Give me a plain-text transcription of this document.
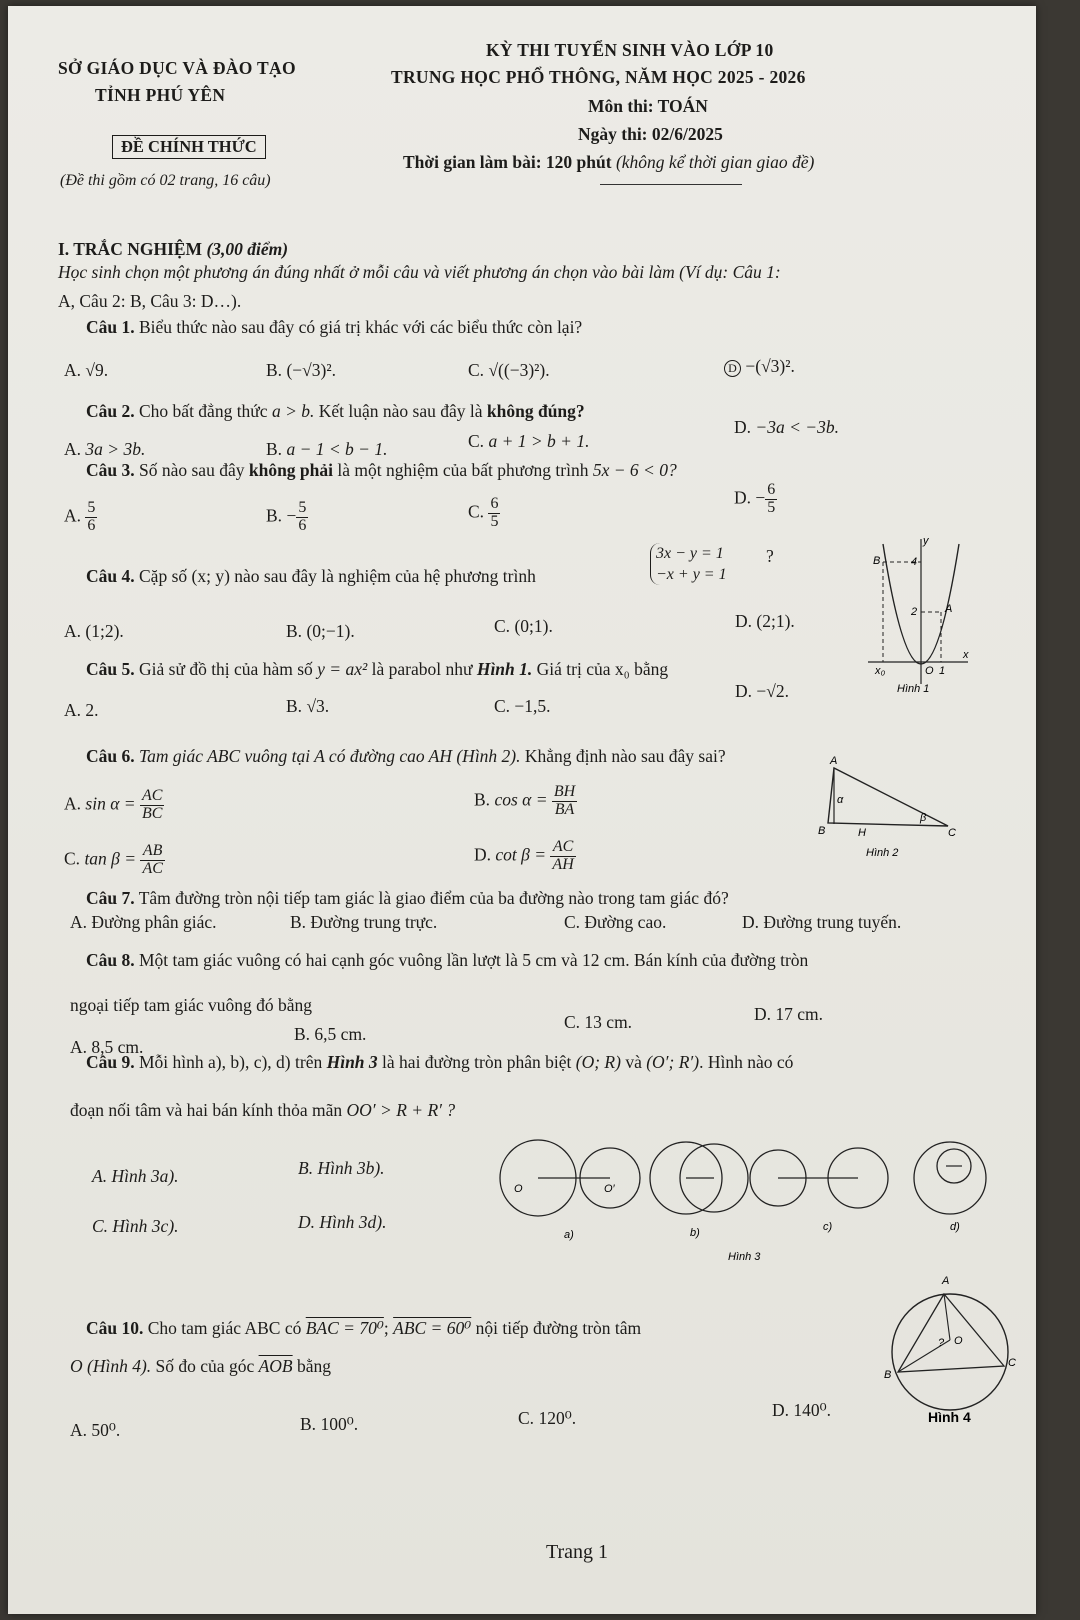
SỞ GIÁO DỤC VÀ ĐÀO TẠO
TỈNH PHÚ YÊN
ĐỀ CHÍNH THỨC
(Đề thi gồm có 02 trang, 16 câu)
KỲ THI TUYỂN SINH VÀO LỚP 10
TRUNG HỌC PHỔ THÔNG, NĂM HỌC 2025 - 2026
Môn thi: TOÁN
Ngày thi: 02/6/2025
Thời gian làm bài: 120 phút (không kể thời gian giao đề)
I. TRẮC NGHIỆM (3,00 điểm)
Học sinh chọn một phương án đúng nhất ở mỗi câu và viết phương án chọn vào bài làm (Ví dụ: Câu 1:
A, Câu 2: B, Câu 3: D…).
Câu 1. Biểu thức nào sau đây có giá trị khác với các biểu thức còn lại?
A. √9.	B. (−√3)².	C. √((−3)²).	D −(√3)².
Câu 2. Cho bất đẳng thức a > b. Kết luận nào sau đây là không đúng?
A. 3a > 3b.	B. a − 1 < b − 1.	C. a + 1 > b + 1.
D. −3a < −3b.
Câu 3. Số nào sau đây không phải là một nghiệm của bất phương trình 5x − 6 < 0?
A. $\frac{5}{6}$	B. − $\frac{5}{6}$	C. $\frac{6}{5}$	D. − $\frac{6}{5}$
Câu 4. Cặp số (x; y) nào sau đây là nghiệm của hệ phương trình
3x − y = 1
−x + y = 1
?
A. (1;2).	B. (0;−1).	C. (0;1).	D. (2;1).
Câu 5. Giả sử đồ thị của hàm số y = ax² là parabol như Hình 1. Giá trị của x₀ bằng
A. 2.	B. √3.	C. −1,5.
D. −√2.
y
x
O
x₀
B
A
1
2
4
Hình 1
Câu 6. Tam giác ABC vuông tại A có đường cao AH (Hình 2). Khẳng định nào sau đây sai?
A. $\sin \alpha = \frac{AC}{BC}$	B. $\cos \alpha = \frac{BH}{BA}$
C. $\tan \beta = \frac{AB}{AC}$	D. $\cot \beta = \frac{AC}{AH}$
A
B	C
H
α
β
Hình 2
Câu 7. Tâm đường tròn nội tiếp tam giác là giao điểm của ba đường nào trong tam giác đó?
A. Đường phân giác.	B. Đường trung trực.	C. Đường cao.	D. Đường trung tuyến.
Câu 8. Một tam giác vuông có hai cạnh góc vuông lần lượt là 5 cm và 12 cm. Bán kính của đường tròn
ngoại tiếp tam giác vuông đó bằng
A. 8,5 cm.
B. 6,5 cm.
C. 13 cm.	D. 17 cm.
Câu 9. Mỗi hình a), b), c), d) trên Hình 3 là hai đường tròn phân biệt (O; R) và (O′; R′). Hình nào có
đoạn nối tâm và hai bán kính thỏa mãn OO′ > R + R′ ?
A. Hình 3a).	B. Hình 3b).
C. Hình 3c).	D. Hình 3d).
O	O′
a)	b)	c)	d)
Hình 3
Câu 10. Cho tam giác ABC có BAC = 70⁰; ABC = 60⁰ nội tiếp đường tròn tâm
O (Hình 4). Số đo của góc $\overline{AOB}$ bằng
A. 50⁰.	B. 100⁰.	C. 120⁰.	D. 140⁰.
A
B
C
O
?
Hình 4
Trang 1
